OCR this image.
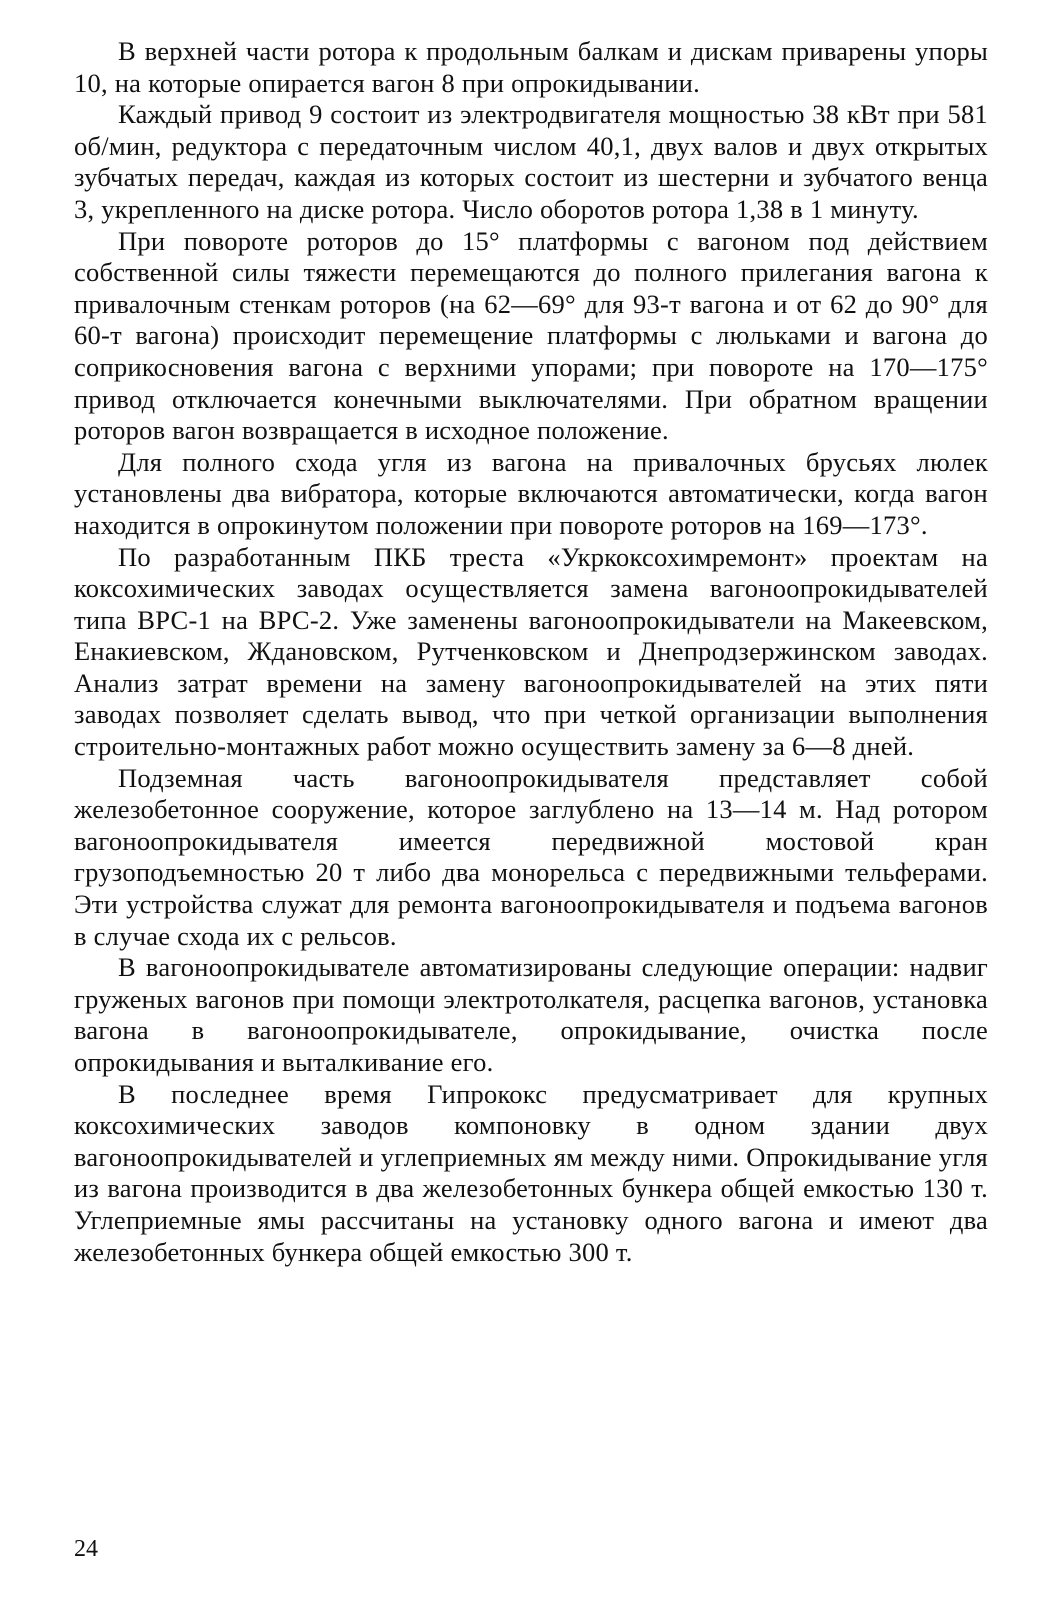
В верхней части ротора к продольным балкам и дискам приварены упоры 10, на которые опирается вагон 8 при опрокидывании.

Каждый привод 9 состоит из электродвигателя мощностью 38 кВт при 581 об/мин, редуктора с передаточным числом 40,1, двух валов и двух открытых зубчатых передач, каждая из которых состоит из шестерни и зубчатого венца 3, укрепленного на диске ротора. Число оборотов ротора 1,38 в 1 минуту.

При повороте роторов до 15° платформы с вагоном под действием собственной силы тяжести перемещаются до полного прилегания вагона к привалочным стенкам роторов (на 62—69° для 93-т вагона и от 62 до 90° для 60-т вагона) происходит перемещение платформы с люльками и вагона до соприкосновения вагона с верхними упорами; при повороте на 170—175° привод отключается конечными выключателями. При обратном вращении роторов вагон возвращается в исходное положение.

Для полного схода угля из вагона на привалочных брусьях люлек установлены два вибратора, которые включаются автоматически, когда вагон находится в опрокинутом положении при повороте роторов на 169—173°.

По разработанным ПКБ треста «Укркоксохимремонт» проектам на коксохимических заводах осуществляется замена вагоноопрокидывателей типа ВРС-1 на ВРС-2. Уже заменены вагоноопрокидыватели на Макеевском, Енакиевском, Ждановском, Рутченковском и Днепродзержинском заводах. Анализ затрат времени на замену вагоноопрокидывателей на этих пяти заводах позволяет сделать вывод, что при четкой организации выполнения строительно-монтажных работ можно осуществить замену за 6—8 дней.

Подземная часть вагоноопрокидывателя представляет собой железобетонное сооружение, которое заглублено на 13—14 м. Над ротором вагоноопрокидывателя имеется передвижной мостовой кран грузоподъемностью 20 т либо два монорельса с передвижными тельферами. Эти устройства служат для ремонта вагоноопрокидывателя и подъема вагонов в случае схода их с рельсов.

В вагоноопрокидывателе автоматизированы следующие операции: надвиг груженых вагонов при помощи электротолкателя, расцепка вагонов, установка вагона в вагоноопрокидывателе, опрокидывание, очистка после опрокидывания и выталкивание его.

В последнее время Гипрококс предусматривает для крупных коксохимических заводов компоновку в одном здании двух вагоноопрокидывателей и углеприемных ям между ними. Опрокидывание угля из вагона производится в два железобетонных бункера общей емкостью 130 т. Углеприемные ямы рассчитаны на установку одного вагона и имеют два железобетонных бункера общей емкостью 300 т.

24
